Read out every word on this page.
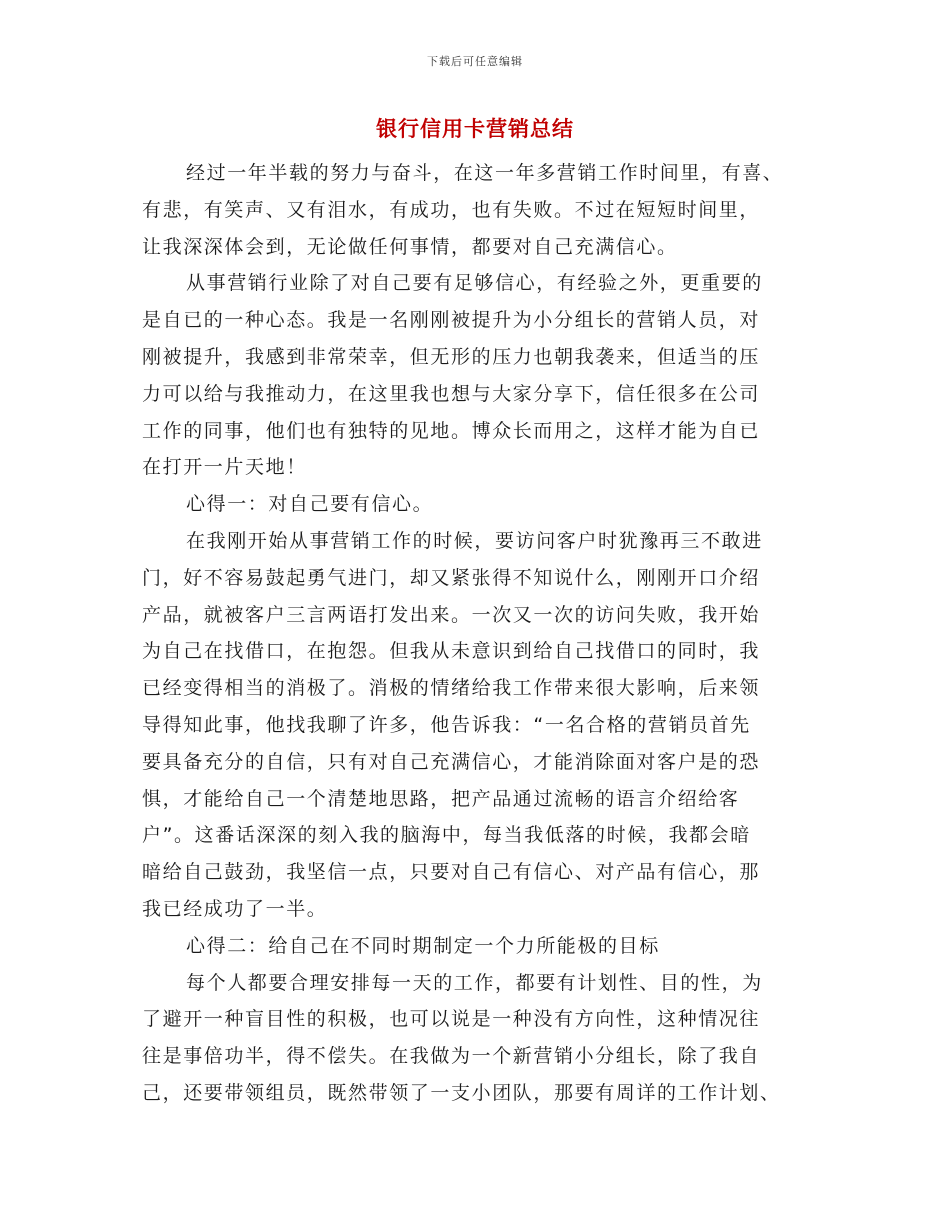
下载后可任意编辑
银行信用卡营销总结
经过一年半载的努力与奋斗，在这一年多营销工作时间里，有喜、
有悲，有笑声、又有泪水，有成功，也有失败。不过在短短时间里，
让我深深体会到，无论做任何事情，都要对自己充满信心。
从事营销行业除了对自己要有足够信心，有经验之外，更重要的
是自已的一种心态。我是一名刚刚被提升为小分组长的营销人员，对
刚被提升，我感到非常荣幸，但无形的压力也朝我袭来，但适当的压
力可以给与我推动力，在这里我也想与大家分享下，信任很多在公司
工作的同事，他们也有独特的见地。博众长而用之，这样才能为自已
在打开一片天地！
心得一：对自己要有信心。
在我刚开始从事营销工作的时候，要访问客户时犹豫再三不敢进
门，好不容易鼓起勇气进门，却又紧张得不知说什么，刚刚开口介绍
产品，就被客户三言两语打发出来。一次又一次的访问失败，我开始
为自己在找借口，在抱怨。但我从未意识到给自己找借口的同时，我
已经变得相当的消极了。消极的情绪给我工作带来很大影响，后来领
导得知此事，他找我聊了许多，他告诉我：“一名合格的营销员首先
要具备充分的自信，只有对自己充满信心，才能消除面对客户是的恐
惧，才能给自己一个清楚地思路，把产品通过流畅的语言介绍给客
户”。这番话深深的刻入我的脑海中，每当我低落的时候，我都会暗
暗给自己鼓劲，我坚信一点，只要对自己有信心、对产品有信心，那
我已经成功了一半。
心得二：给自己在不同时期制定一个力所能极的目标
每个人都要合理安排每一天的工作，都要有计划性、目的性，为
了避开一种盲目性的积极，也可以说是一种没有方向性，这种情况往
往是事倍功半，得不偿失。在我做为一个新营销小分组长，除了我自
己，还要带领组员，既然带领了一支小团队，那要有周详的工作计划、
